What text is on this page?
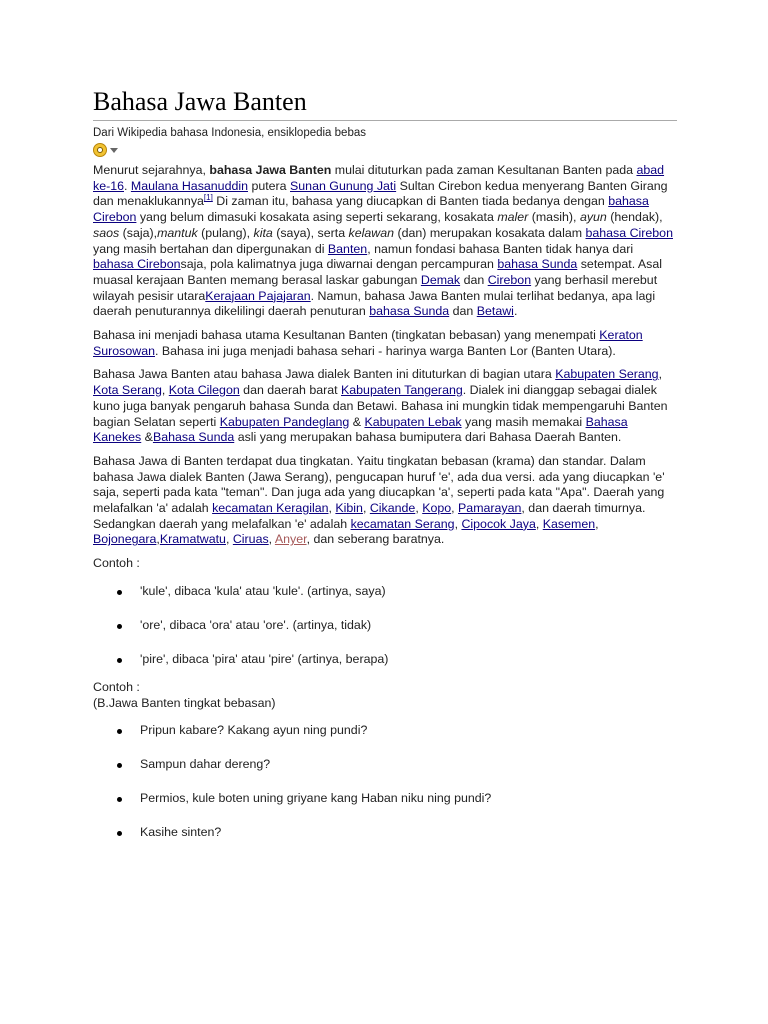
Bahasa Jawa Banten
Dari Wikipedia bahasa Indonesia, ensiklopedia bebas

Menurut sejarahnya, bahasa Jawa Banten mulai dituturkan pada zaman Kesultanan Banten pada abad ke-16. Maulana Hasanuddin putera Sunan Gunung Jati Sultan Cirebon kedua menyerang Banten Girang dan menaklukannya[1] Di zaman itu, bahasa yang diucapkan di Banten tiada bedanya dengan bahasa Cirebon yang belum dimasuki kosakata asing seperti sekarang, kosakata maler (masih), ayun (hendak), saos (saja),mantuk (pulang), kita (saya), serta kelawan (dan) merupakan kosakata dalam bahasa Cirebon yang masih bertahan dan dipergunakan di Banten, namun fondasi bahasa Banten tidak hanya dari bahasa Cirebonsaja, pola kalimatnya juga diwarnai dengan percampuran bahasa Sunda setempat. Asal muasal kerajaan Banten memang berasal laskar gabungan Demak dan Cirebon yang berhasil merebut wilayah pesisir utaraKerajaan Pajajaran. Namun, bahasa Jawa Banten mulai terlihat bedanya, apa lagi daerah penuturannya dikelilingi daerah penuturan bahasa Sunda dan Betawi.

Bahasa ini menjadi bahasa utama Kesultanan Banten (tingkatan bebasan) yang menempati Keraton Surosowan. Bahasa ini juga menjadi bahasa sehari - harinya warga Banten Lor (Banten Utara).

Bahasa Jawa Banten atau bahasa Jawa dialek Banten ini dituturkan di bagian utara Kabupaten Serang, Kota Serang, Kota Cilegon dan daerah barat Kabupaten Tangerang. Dialek ini dianggap sebagai dialek kuno juga banyak pengaruh bahasa Sunda dan Betawi. Bahasa ini mungkin tidak mempengaruhi Banten bagian Selatan seperti Kabupaten Pandeglang & Kabupaten Lebak yang masih memakai Bahasa Kanekes &Bahasa Sunda asli yang merupakan bahasa bumiputera dari Bahasa Daerah Banten.

Bahasa Jawa di Banten terdapat dua tingkatan. Yaitu tingkatan bebasan (krama) dan standar. Dalam bahasa Jawa dialek Banten (Jawa Serang), pengucapan huruf 'e', ada dua versi. ada yang diucapkan 'e' saja, seperti pada kata "teman". Dan juga ada yang diucapkan 'a', seperti pada kata "Apa". Daerah yang melafalkan 'a' adalah kecamatan Keragilan, Kibin, Cikande, Kopo, Pamarayan, dan daerah timurnya. Sedangkan daerah yang melafalkan 'e' adalah kecamatan Serang, Cipocok Jaya, Kasemen, Bojonegara,Kramatwatu, Ciruas, Anyer, dan seberang baratnya.

Contoh :
'kule', dibaca 'kula' atau 'kule'. (artinya, saya)
'ore', dibaca 'ora' atau 'ore'. (artinya, tidak)
'pire', dibaca 'pira' atau 'pire' (artinya, berapa)
Contoh :
(B.Jawa Banten tingkat bebasan)
Pripun kabare? Kakang ayun ning pundi?
Sampun dahar dereng?
Permios, kule boten uning griyane kang Haban niku ning pundi?
Kasihe sinten?
